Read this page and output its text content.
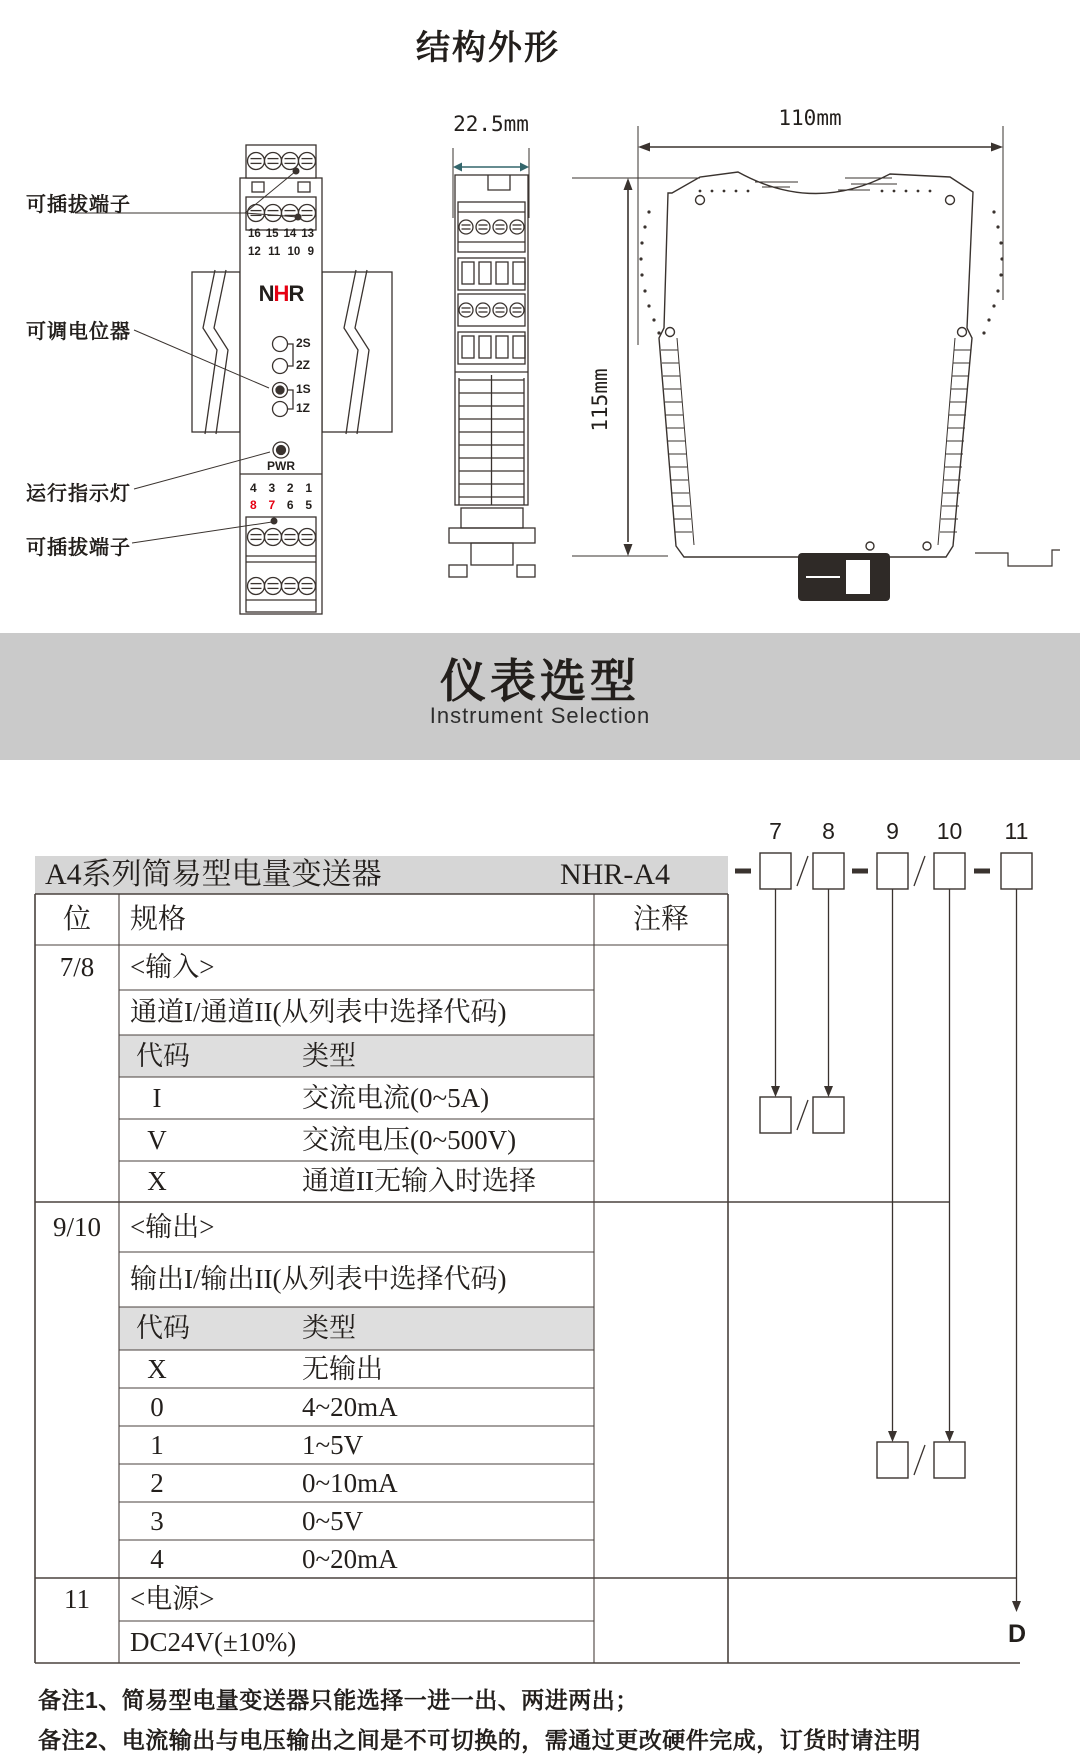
结构外形
可插拔端子
可调电位器
运行指示灯
可插拔端子
22.5mm	110mm
115mm
16 15 14 13
12 11 10 9
NHR
2S
2Z
1S
1Z
PWR
4 3 2 1
8 7 6 5
仪表选型
Instrument Selection
A4系列简易型电量变送器	NHR-A4
7	8	9	10 11
位	规格	注释
7/8	<输入>
通道I/通道II(从列表中选择代码)
代码	类型
I	交流电流(0~5A)
V	交流电压(0~500V)
X	通道II无输入时选择
9/10	<输出>
输出I/输出II(从列表中选择代码)
代码	类型
X	无输出
0	4~20mA
1	1~5V
2	0~10mA
3	0~5V
4	0~20mA
11	<电源>
DC24V(±10%)	D
备注1、简易型电量变送器只能选择一进一出、两进两出；
备注2、电流输出与电压输出之间是不可切换的，需通过更改硬件完成，订货时请注明
